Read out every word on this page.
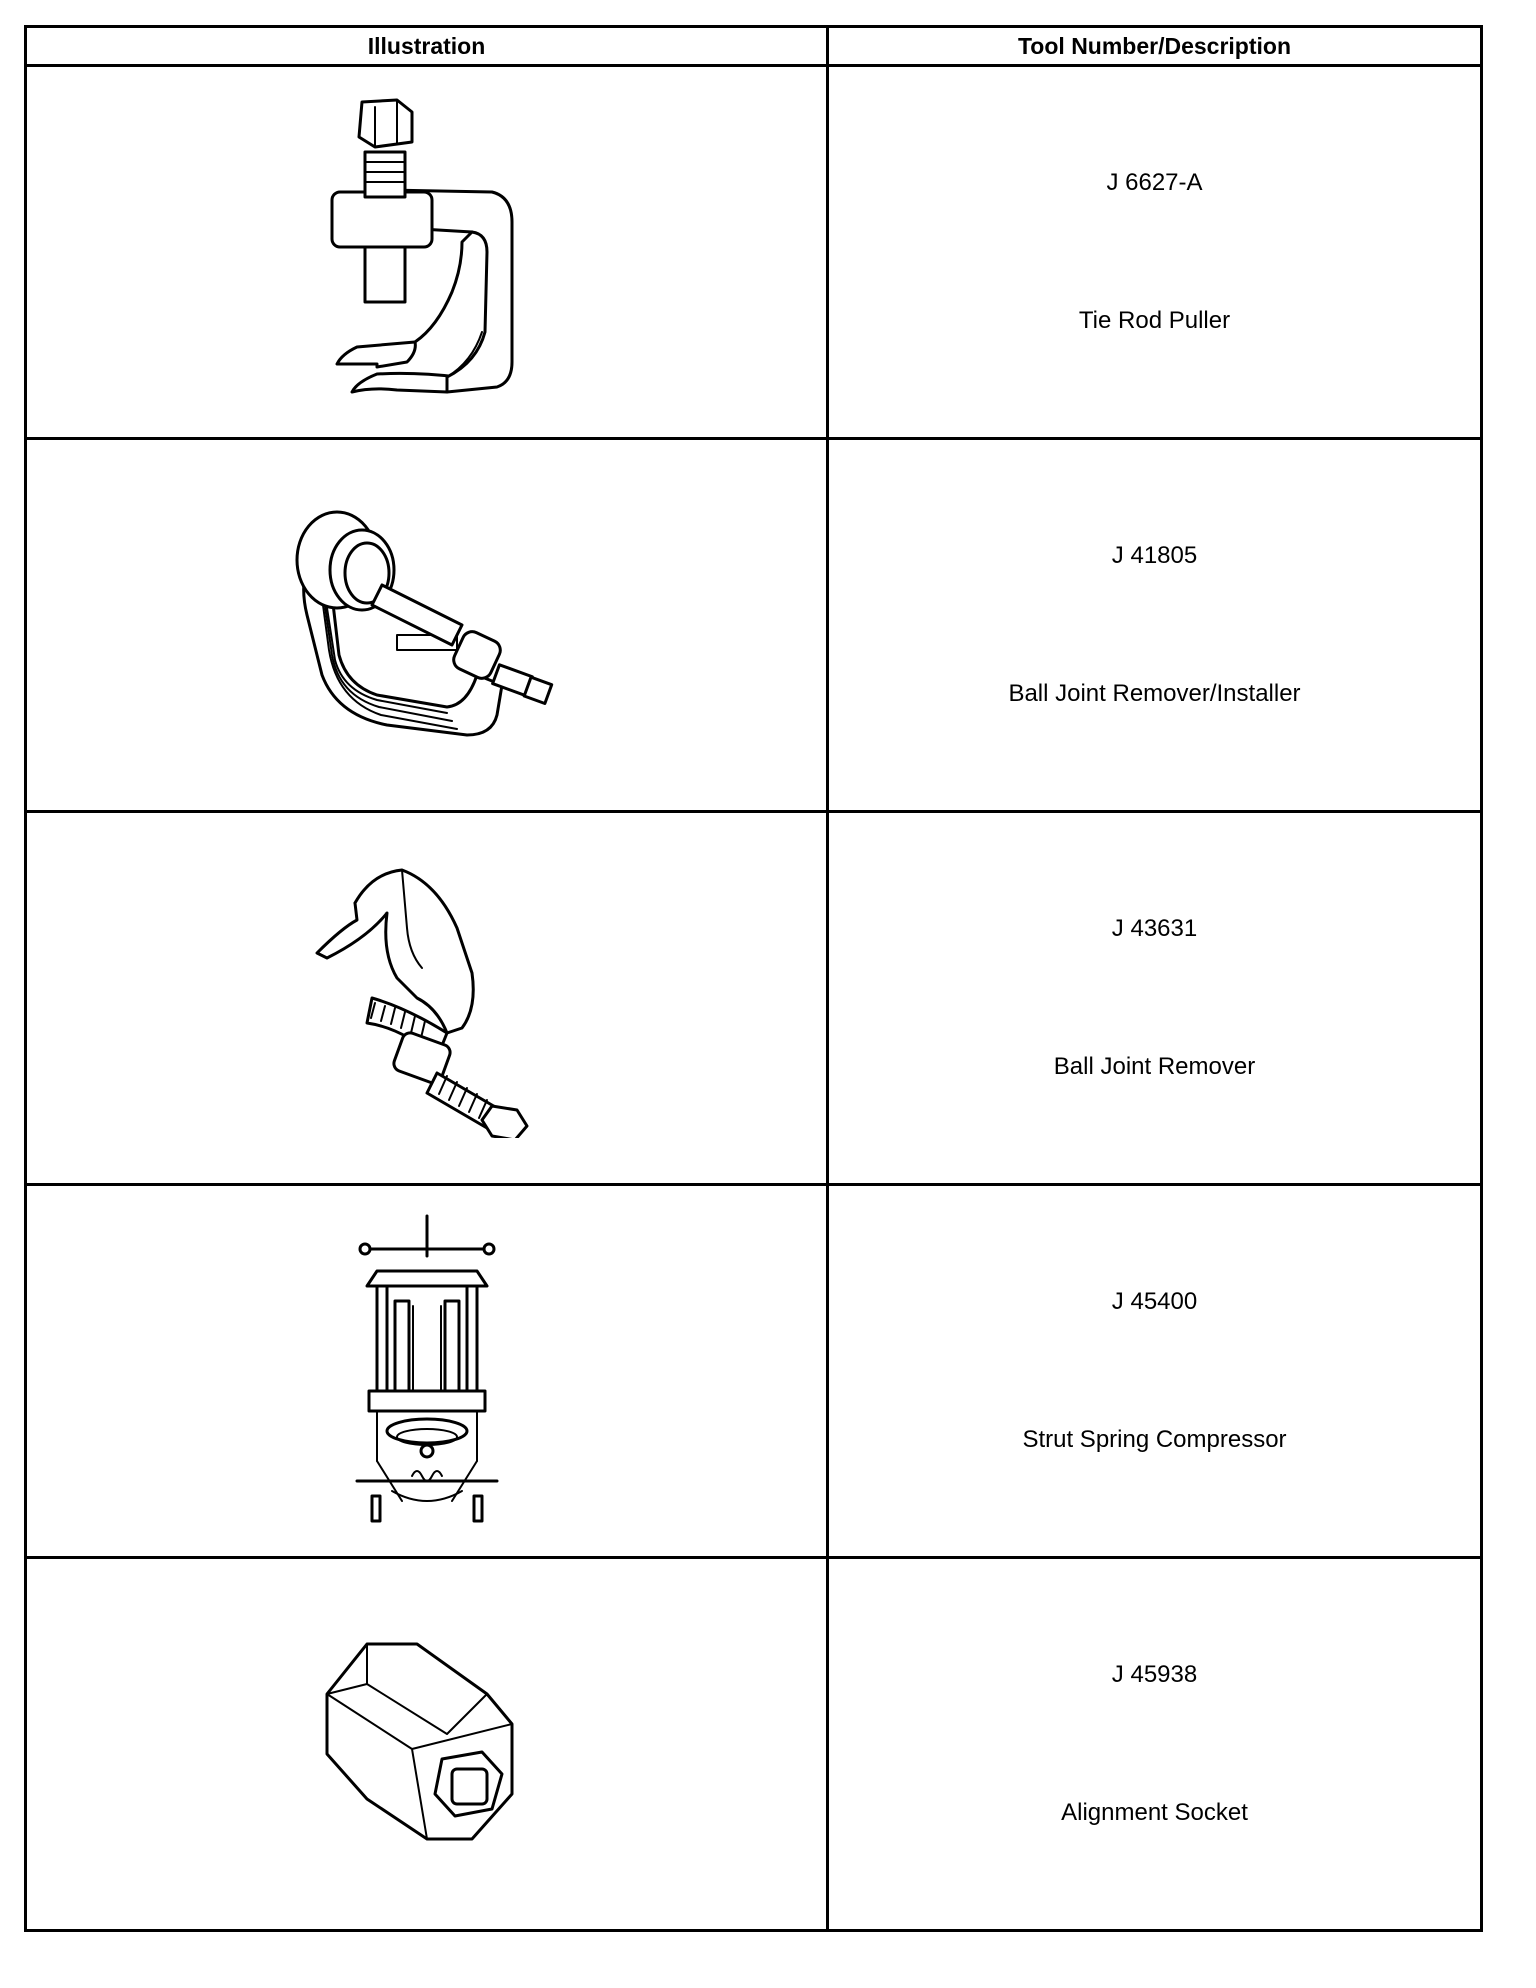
Illustration	Tool Number/Description

J 6627-A
Tie Rod Puller

J 41805
Ball Joint Remover/Installer

J 43631
Ball Joint Remover

J 45400
Strut Spring Compressor

J 45938
Alignment Socket
